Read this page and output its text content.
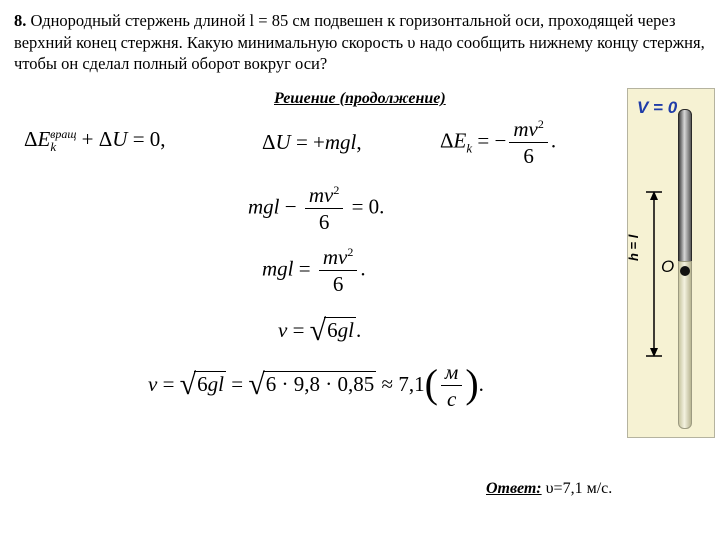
8. Однородный стержень длиной l = 85 см подвешен к горизонтальной оси, проходящей через верхний конец стержня. Какую минимальную скорость υ надо сообщить нижнему концу стержня, чтобы он сделал полный оборот вокруг оси?
Решение (продолжение)
$\Delta E_k^{вращ} + \Delta U = 0$,	ΔU = +mgl,	$\Delta E_k$ = − $\frac{mv^2}{6}$ .
mgl − $\frac{mv^2}{6} = 0$.
mgl = $\frac{mv^2}{6}$ .
v = √6gl.
$v = √6gl = √6 \cdot 9,8 \cdot 0,85 \approx 7,1( \frac{м}{с}$ ).
V = 0
O
h = l
Ответ: υ=7,1 м/с.
